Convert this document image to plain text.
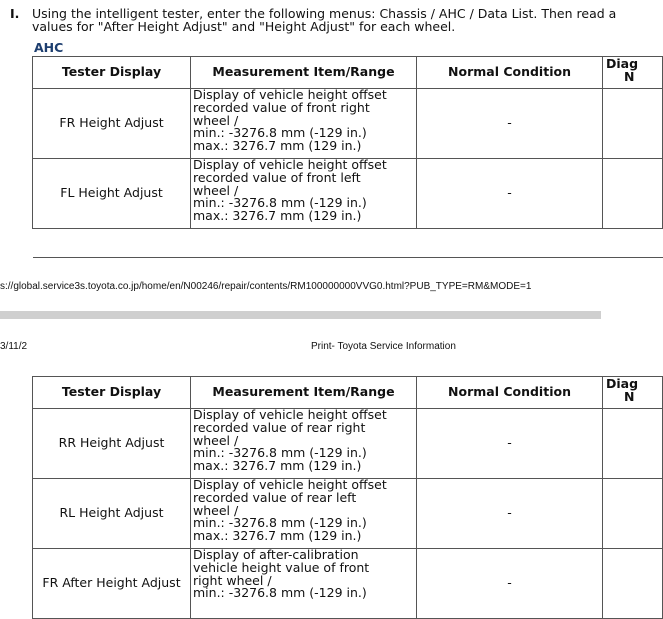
I. Using the intelligent tester, enter the following menus: Chassis / AHC / Data List. Then read a
values for "After Height Adjust" and "Height Adjust" for each wheel.
AHC
Tester Display	Measurement Item/Range	Normal Condition	Diag
N

FR Height Adjust	Display of vehicle height offset
recorded value of front right
wheel /
min.: -3276.8 mm (-129 in.)
max.: 3276.7 mm (129 in.)	-	
FL Height Adjust	Display of vehicle height offset
recorded value of front left
wheel /
min.: -3276.8 mm (-129 in.)
max.: 3276.7 mm (129 in.)	-	

s://global.service3s.toyota.co.jp/home/en/N00246/repair/contents/RM100000000VVG0.html?PUB_TYPE=RM&MODE=1
3/11/2	Print- Toyota Service Information
Tester Display	Measurement Item/Range	Normal Condition	Diag
N

RR Height Adjust	Display of vehicle height offset
recorded value of rear right
wheel /
min.: -3276.8 mm (-129 in.)
max.: 3276.7 mm (129 in.)	-	
RL Height Adjust	Display of vehicle height offset
recorded value of rear left
wheel /
min.: -3276.8 mm (-129 in.)
max.: 3276.7 mm (129 in.)	-	
FR After Height Adjust	Display of after-calibration
vehicle height value of front
right wheel /
min.: -3276.8 mm (-129 in.)	-	
